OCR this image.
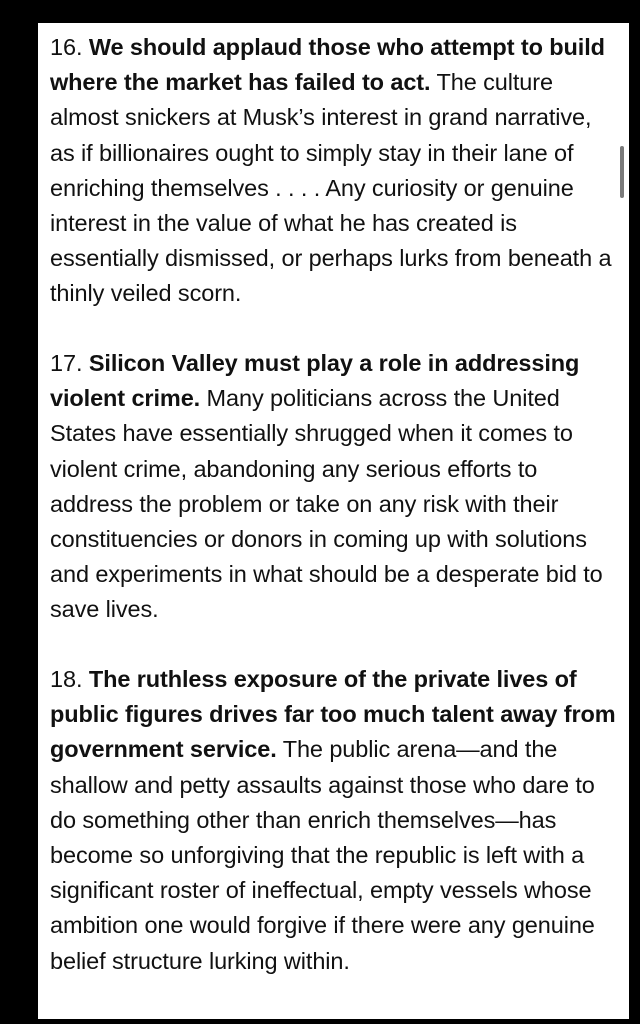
16. We should applaud those who attempt to build where the market has failed to act. The culture almost snickers at Musk’s interest in grand narrative, as if billionaires ought to simply stay in their lane of enriching themselves . . . . Any curiosity or genuine interest in the value of what he has created is essentially dismissed, or perhaps lurks from beneath a thinly veiled scorn.

17. Silicon Valley must play a role in addressing violent crime. Many politicians across the United States have essentially shrugged when it comes to violent crime, abandoning any serious efforts to address the problem or take on any risk with their constituencies or donors in coming up with solutions and experiments in what should be a desperate bid to save lives.

18. The ruthless exposure of the private lives of public figures drives far too much talent away from government service. The public arena—and the shallow and petty assaults against those who dare to do something other than enrich themselves—has become so unforgiving that the republic is left with a significant roster of ineffectual, empty vessels whose ambition one would forgive if there were any genuine belief structure lurking within.
